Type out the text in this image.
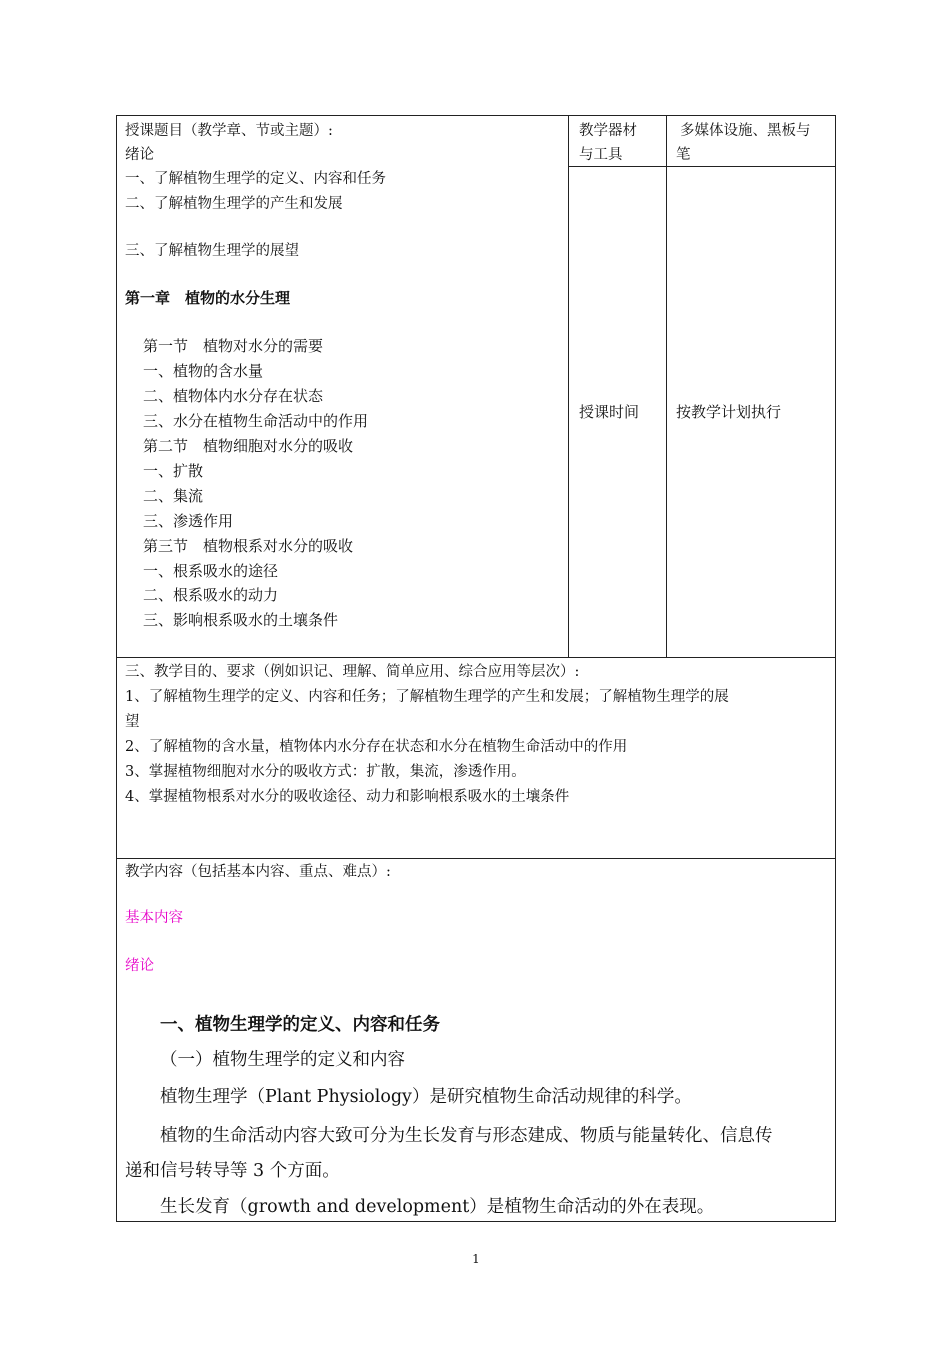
授课题目（教学章、节或主题）:
绪论
教学器材
与工具
多媒体设施、黑板与
笔
授课时间 按教学计划执行
一、了解植物生理学的定义、内容和任务
二、了解植物生理学的产生和发展
三、了解植物生理学的展望
第一章　植物的水分生理
第一节　植物对水分的需要
一、植物的含水量
二、植物体内水分存在状态
三、水分在植物生命活动中的作用
第二节　植物细胞对水分的吸收
一、扩散
二、集流
三、渗透作用
第三节　植物根系对水分的吸收
一、根系吸水的途径
二、根系吸水的动力
三、影响根系吸水的土壤条件
三、教学目的、要求（例如识记、理解、简单应用、综合应用等层次）:
1、了解植物生理学的定义、内容和任务；了解植物生理学的产生和发展；了解植物生理学的展
望
2、了解植物的含水量，植物体内水分存在状态和水分在植物生命活动中的作用
3、掌握植物细胞对水分的吸收方式：扩散，集流，渗透作用。
4、掌握植物根系对水分的吸收途径、动力和影响根系吸水的土壤条件
教学内容（包括基本内容、重点、难点）:
基本内容
绪论
一、植物生理学的定义、内容和任务
（一）植物生理学的定义和内容
植物生理学（Plant Physiology）是研究植物生命活动规律的科学。
植物的生命活动内容大致可分为生长发育与形态建成、物质与能量转化、信息传
递和信号转导等 3 个方面。
生长发育（growth and development）是植物生命活动的外在表现。
1
